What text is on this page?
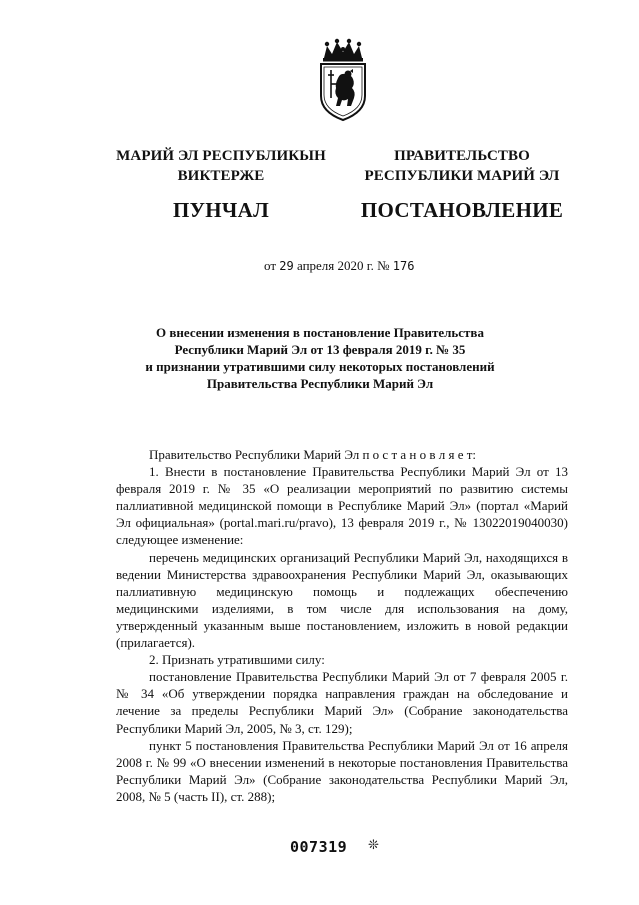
МАРИЙ ЭЛ РЕСПУБЛИКЫН
ВИКТЕРЖЕ
ПУНЧАЛ
ПРАВИТЕЛЬСТВО
РЕСПУБЛИКИ МАРИЙ ЭЛ
ПОСТАНОВЛЕНИЕ
от 29 апреля 2020 г. № 176
О внесении изменения в постановление Правительства
Республики Марий Эл от 13 февраля 2019 г. № 35
и признании утратившими силу некоторых постановлений
Правительства Республики Марий Эл

Правительство Республики Марий Эл п о с т а н о в л я е т:

1. Внести в постановление Правительства Республики Марий Эл от 13 февраля 2019 г. № 35 «О реализации мероприятий по развитию системы паллиативной медицинской помощи в Республике Марий Эл» (портал «Марий Эл официальная» (portal.mari.ru/pravo), 13 февраля 2019 г., № 13022019040030) следующее изменение:

перечень медицинских организаций Республики Марий Эл, находящихся в ведении Министерства здравоохранения Республики Марий Эл, оказывающих паллиативную медицинскую помощь и подлежащих обеспечению медицинскими изделиями, в том числе для использования на дому, утвержденный указанным выше постановлением, изложить в новой редакции (прилагается).

2. Признать утратившими силу:

постановление Правительства Республики Марий Эл от 7 февраля 2005 г. № 34 «Об утверждении порядка направления граждан на обследование и лечение за пределы Республики Марий Эл» (Собрание законодательства Республики Марий Эл, 2005, № 3, ст. 129);

пункт 5 постановления Правительства Республики Марий Эл от 16 апреля 2008 г. № 99 «О внесении изменений в некоторые постановления Правительства Республики Марий Эл» (Собрание законодательства Республики Марий Эл, 2008, № 5 (часть II), ст. 288);

007319 ❊
